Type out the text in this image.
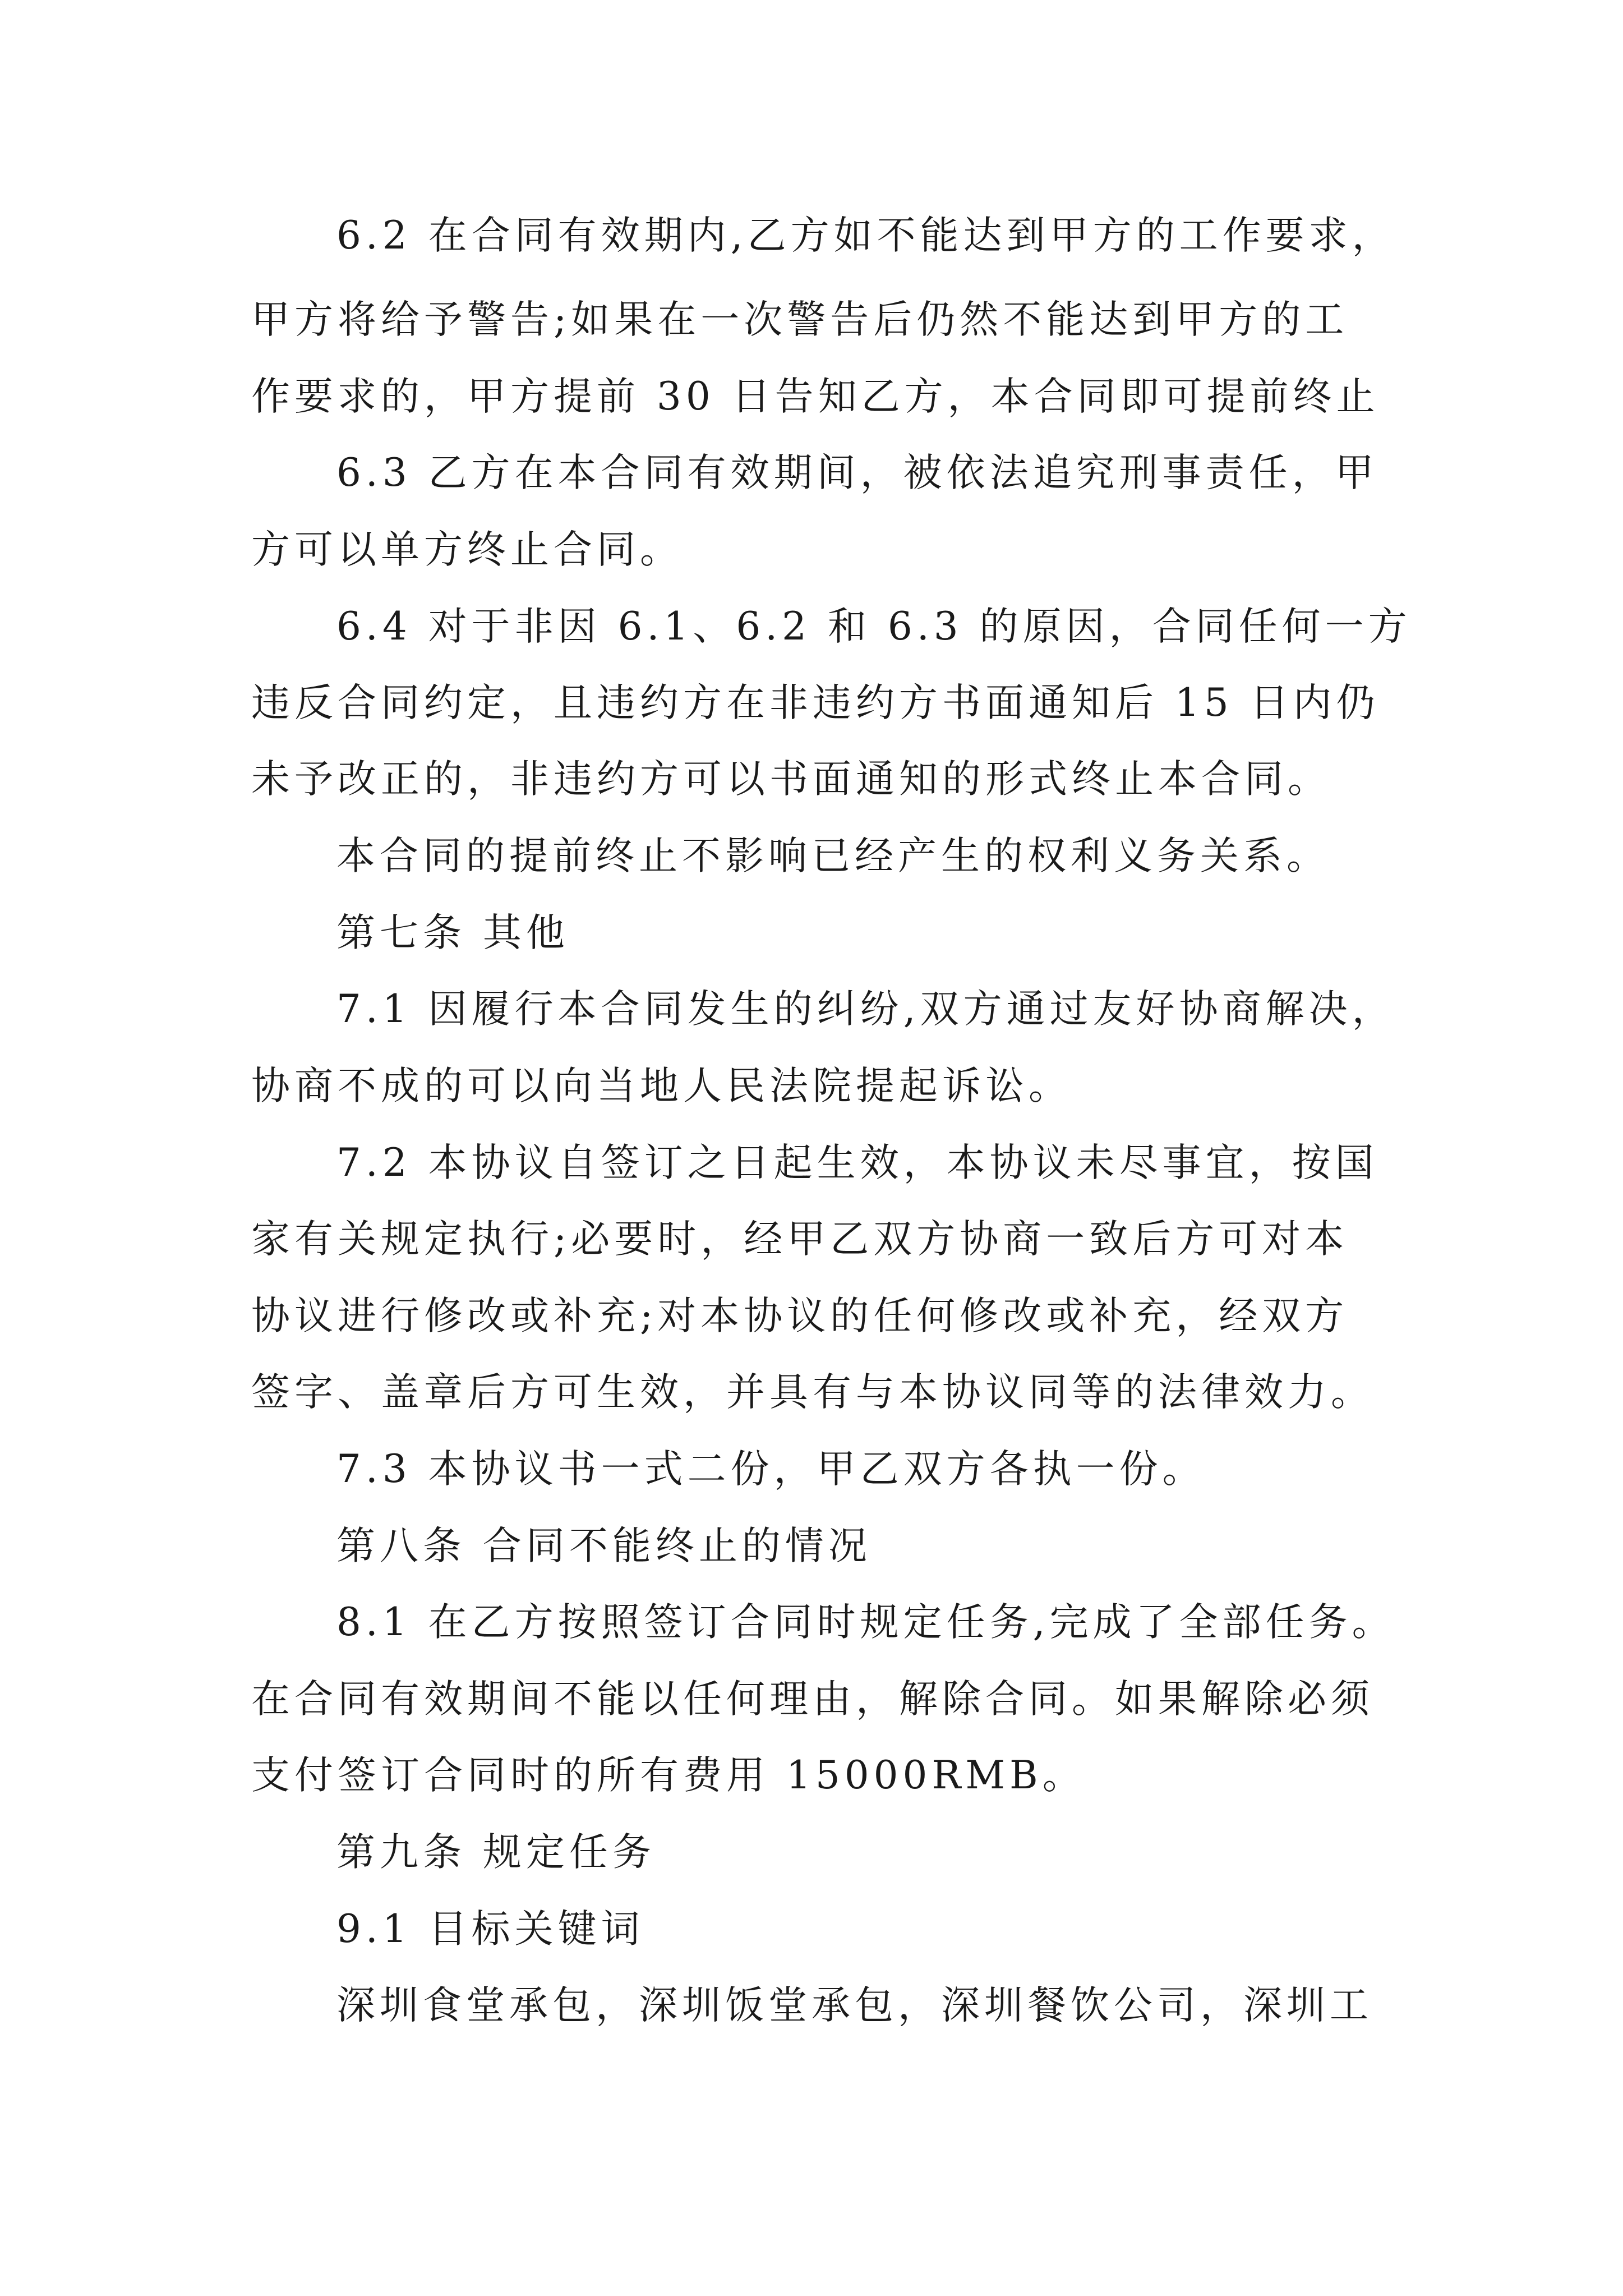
6.2 在合同有效期内,乙方如不能达到甲方的工作要求，
甲方将给予警告;如果在一次警告后仍然不能达到甲方的工
作要求的，甲方提前 30 日告知乙方，本合同即可提前终止
6.3 乙方在本合同有效期间，被依法追究刑事责任，甲
方可以单方终止合同。
6.4 对于非因 6.1、6.2 和 6.3 的原因，合同任何一方
违反合同约定，且违约方在非违约方书面通知后 15 日内仍
未予改正的，非违约方可以书面通知的形式终止本合同。
本合同的提前终止不影响已经产生的权利义务关系。
第七条 其他
7.1 因履行本合同发生的纠纷,双方通过友好协商解决，
协商不成的可以向当地人民法院提起诉讼。
7.2 本协议自签订之日起生效，本协议未尽事宜，按国
家有关规定执行;必要时，经甲乙双方协商一致后方可对本
协议进行修改或补充;对本协议的任何修改或补充，经双方
签字、盖章后方可生效，并具有与本协议同等的法律效力。
7.3 本协议书一式二份，甲乙双方各执一份。
第八条 合同不能终止的情况
8.1 在乙方按照签订合同时规定任务,完成了全部任务。
在合同有效期间不能以任何理由，解除合同。如果解除必须
支付签订合同时的所有费用 15000RMB。
第九条 规定任务
9.1 目标关键词
深圳食堂承包，深圳饭堂承包，深圳餐饮公司，深圳工
